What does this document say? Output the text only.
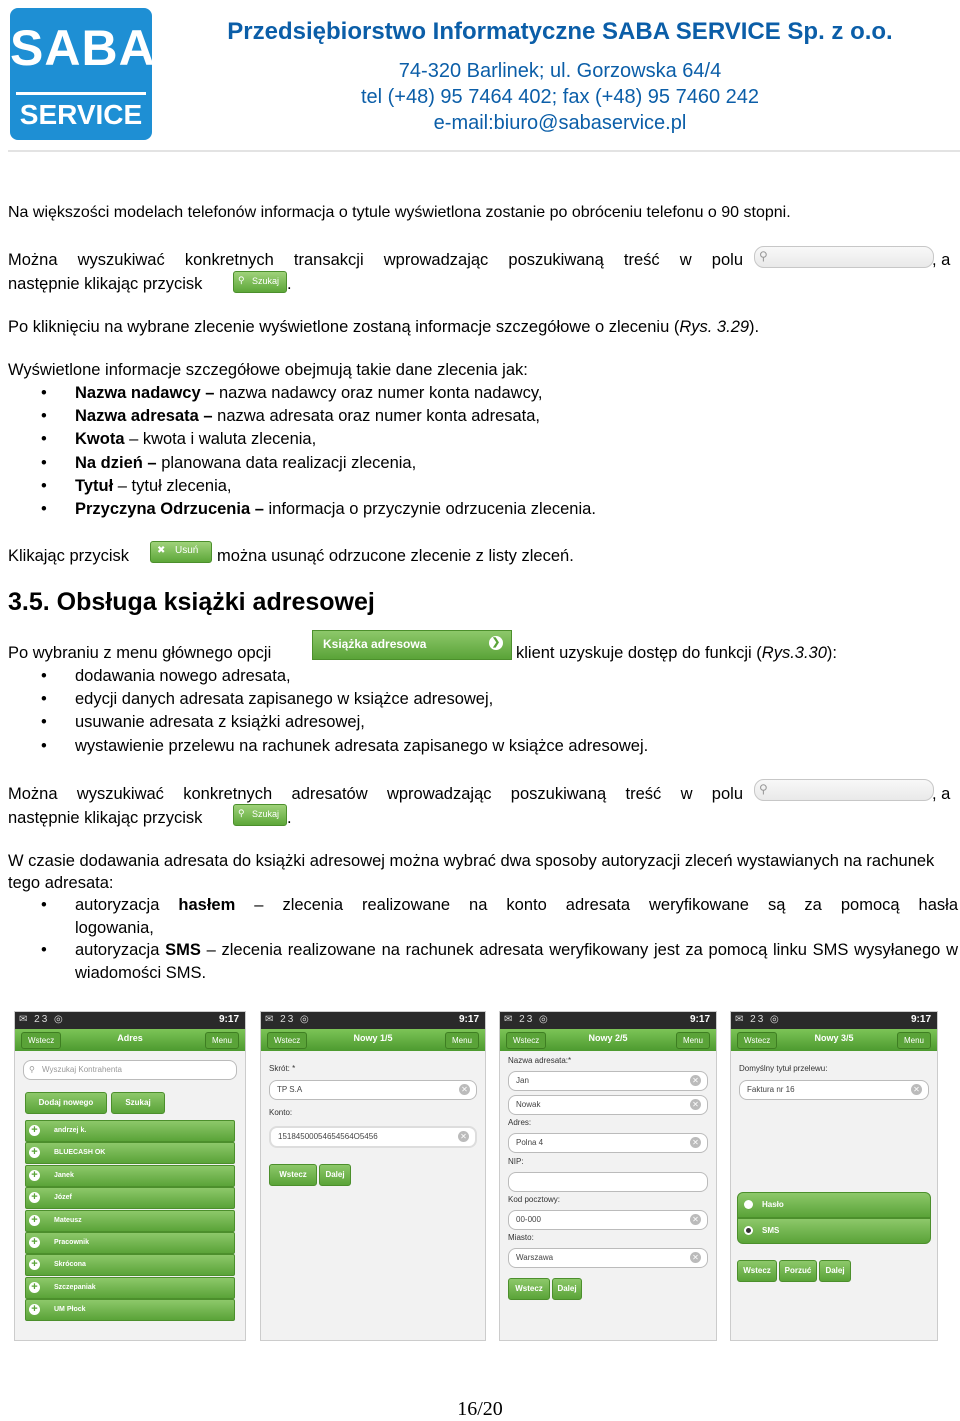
SABA
SERVICE
Przedsiębiorstwo Informatyczne SABA SERVICE Sp. z o.o.
74-320 Barlinek; ul. Gorzowska 64/4
tel (+48) 95 7464 402; fax (+48) 95 7460 242
e-mail:biuro@sabaservice.pl
Na większości modelach telefonów informacja o tytule wyświetlona zostanie po obróceniu telefonu o 90 stopni.
Można wyszukiwać konkretnych transakcji wprowadzając poszukiwaną treść w polu ⚲	, a
następnie klikając przycisk	⚲ Szukaj .
Po kliknięciu na wybrane zlecenie wyświetlone zostaną informacje szczegółowe o zleceniu (Rys. 3.29).
Wyświetlone informacje szczegółowe obejmują takie dane zlecenia jak:
• Nazwa nadawcy – nazwa nadawcy oraz numer konta nadawcy,
• Nazwa adresata – nazwa adresata oraz numer konta adresata,
• Kwota – kwota i waluta zlecenia,
• Na dzień – planowana data realizacji zlecenia,
• Tytuł – tytuł zlecenia,
• Przyczyna Odrzucenia – informacja o przyczynie odrzucenia zlecenia.
Klikając przycisk	✖ Usuń można usunąć odrzucone zlecenie z listy zleceń.
3.5. Obsługa książki adresowej
Po wybraniu z menu głównego opcji	Książka adresowa	❯
klient uzyskuje dostęp do funkcji (Rys.3.30):
• dodawania nowego adresata,
• edycji danych adresata zapisanego w książce adresowej,
• usuwanie adresata z książki adresowej,
• wystawienie przelewu na rachunek adresata zapisanego w książce adresowej.
Można wyszukiwać konkretnych adresatów wprowadzając poszukiwaną treść w polu ⚲	, a
następnie klikając przycisk	⚲ Szukaj .
W czasie dodawania adresata do książki adresowej można wybrać dwa sposoby autoryzacji zleceń wystawianych na rachunek tego adresata:
• autoryzacja hasłem – zlecenia realizowane na konto adresata weryfikowane są za pomocą hasła logowania,
• autoryzacja SMS – zlecenia realizowane na rachunek adresata weryfikowany jest za pomocą linku SMS wysyłanego w wiadomości SMS.
✉ 23 ◎	9:17
Wstecz	Adres	Menu
Wyszukaj Kontrahenta
⚲
Dodaj nowego	Szukaj
+	andrzej k.
+	BLUECASH OK
+	Janek
+	Józef
+	Mateusz
+	Pracownik
+	Skrócona
+	Szczepaniak
+	UM Płock
✉ 23 ◎	9:17
Wstecz	Nowy 1/5	Menu
Skrót: *
TP S.A	✕
Konto:
15184500054654564O5456	✕
Wstecz	Dalej
✉ 23 ◎	9:17
Wstecz	Nowy 2/5	Menu
Nazwa adresata:*
Jan	✕
Nowak	✕
Adres:
Polna 4	✕
NIP:
Kod pocztowy:
00-000	✕
Miasto:
Warszawa	✕
Wstecz	Dalej
✉ 23 ◎	9:17
Wstecz	Nowy 3/5	Menu
Domyślny tytuł przelewu:
Faktura nr 16	✕
Hasło
SMS
Wstecz	Porzuć	Dalej
16/20
